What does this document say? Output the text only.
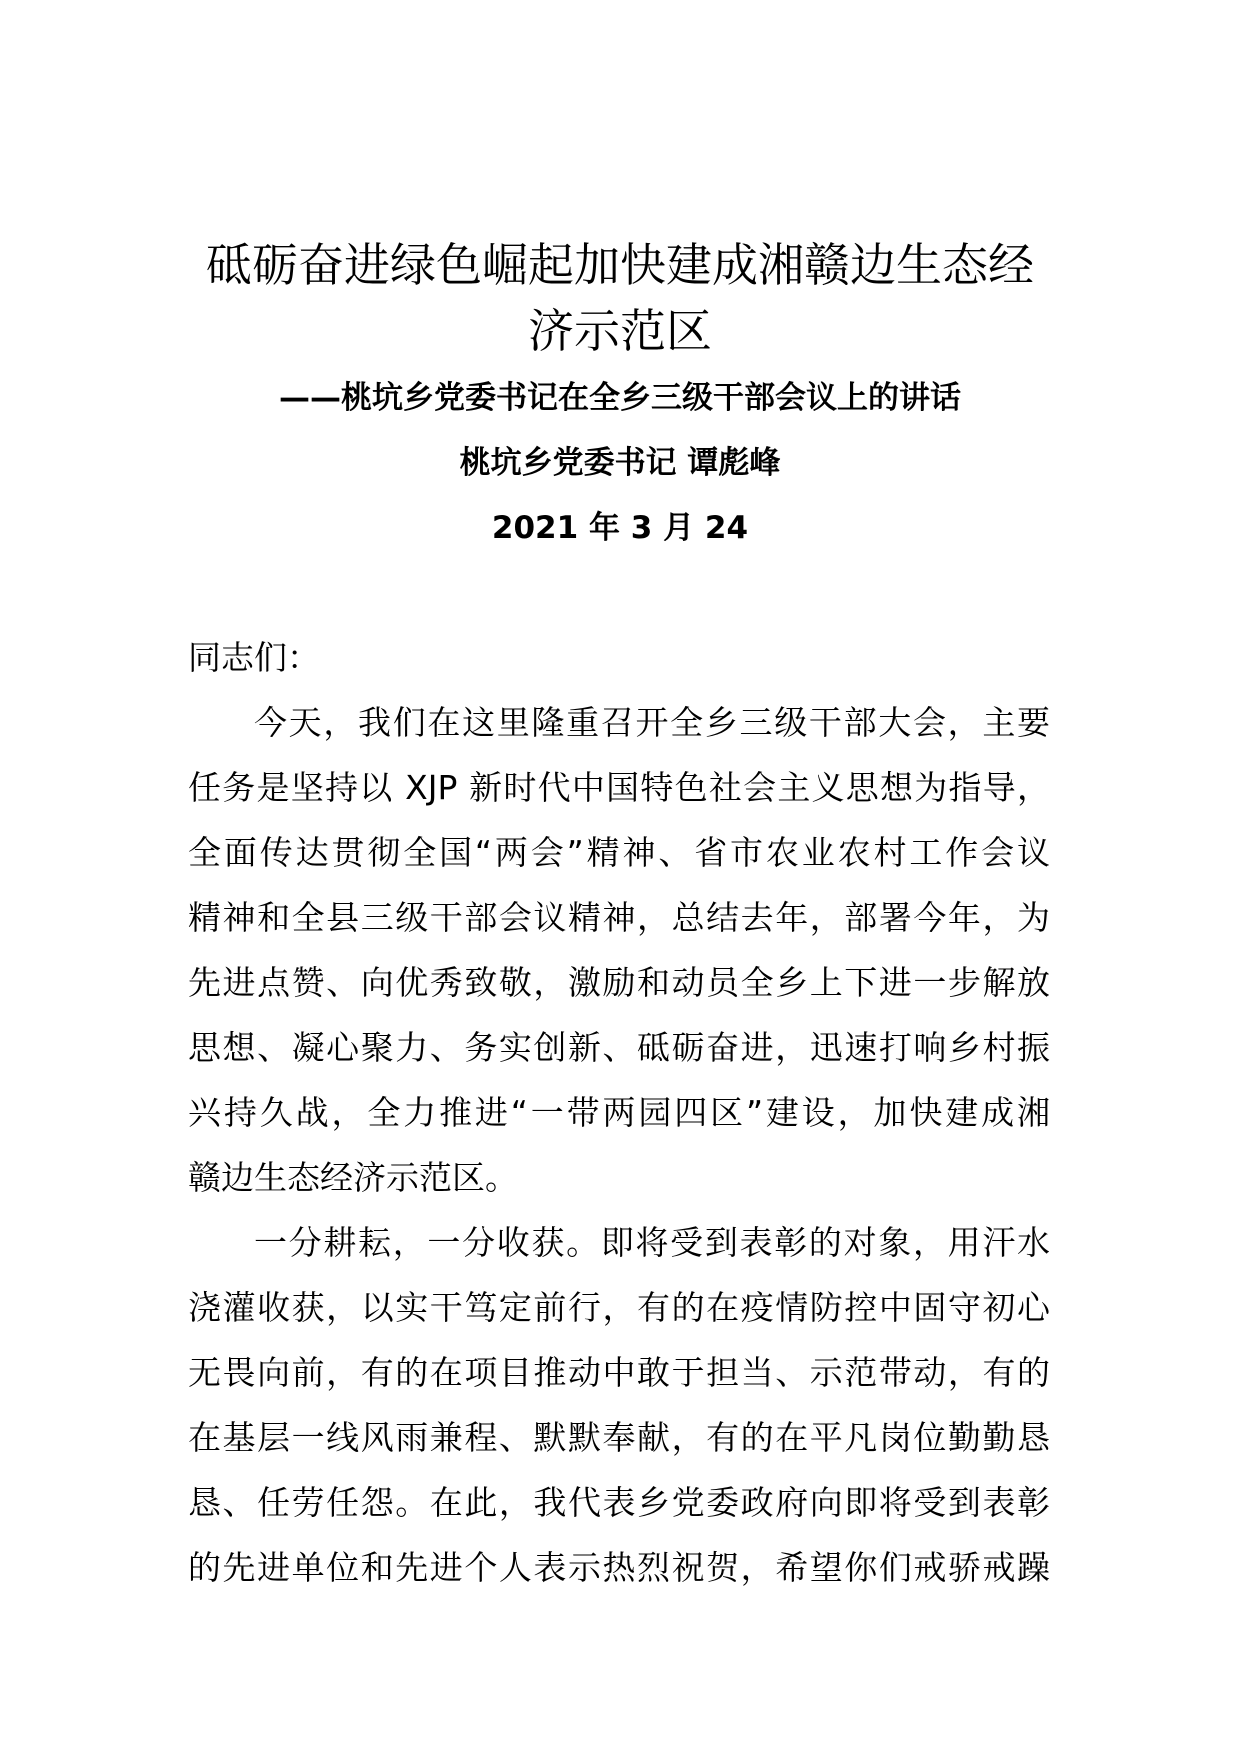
砥砺奋进绿色崛起加快建成湘赣边生态经
济示范区

——桃坑乡党委书记在全乡三级干部会议上的讲话

桃坑乡党委书记 谭彪峰

2021 年 3 月 24

同志们：

今天，我们在这里隆重召开全乡三级干部大会，主要
任务是坚持以 XJP 新时代中国特色社会主义思想为指导，
全面传达贯彻全国“两会”精神、省市农业农村工作会议
精神和全县三级干部会议精神，总结去年，部署今年，为
先进点赞、向优秀致敬，激励和动员全乡上下进一步解放
思想、凝心聚力、务实创新、砥砺奋进，迅速打响乡村振
兴持久战，全力推进“一带两园四区”建设，加快建成湘
赣边生态经济示范区。

一分耕耘，一分收获。即将受到表彰的对象，用汗水
浇灌收获，以实干笃定前行，有的在疫情防控中固守初心
无畏向前，有的在项目推动中敢于担当、示范带动，有的
在基层一线风雨兼程、默默奉献，有的在平凡岗位勤勤恳
恳、任劳任怨。在此，我代表乡党委政府向即将受到表彰
的先进单位和先进个人表示热烈祝贺，希望你们戒骄戒躁
